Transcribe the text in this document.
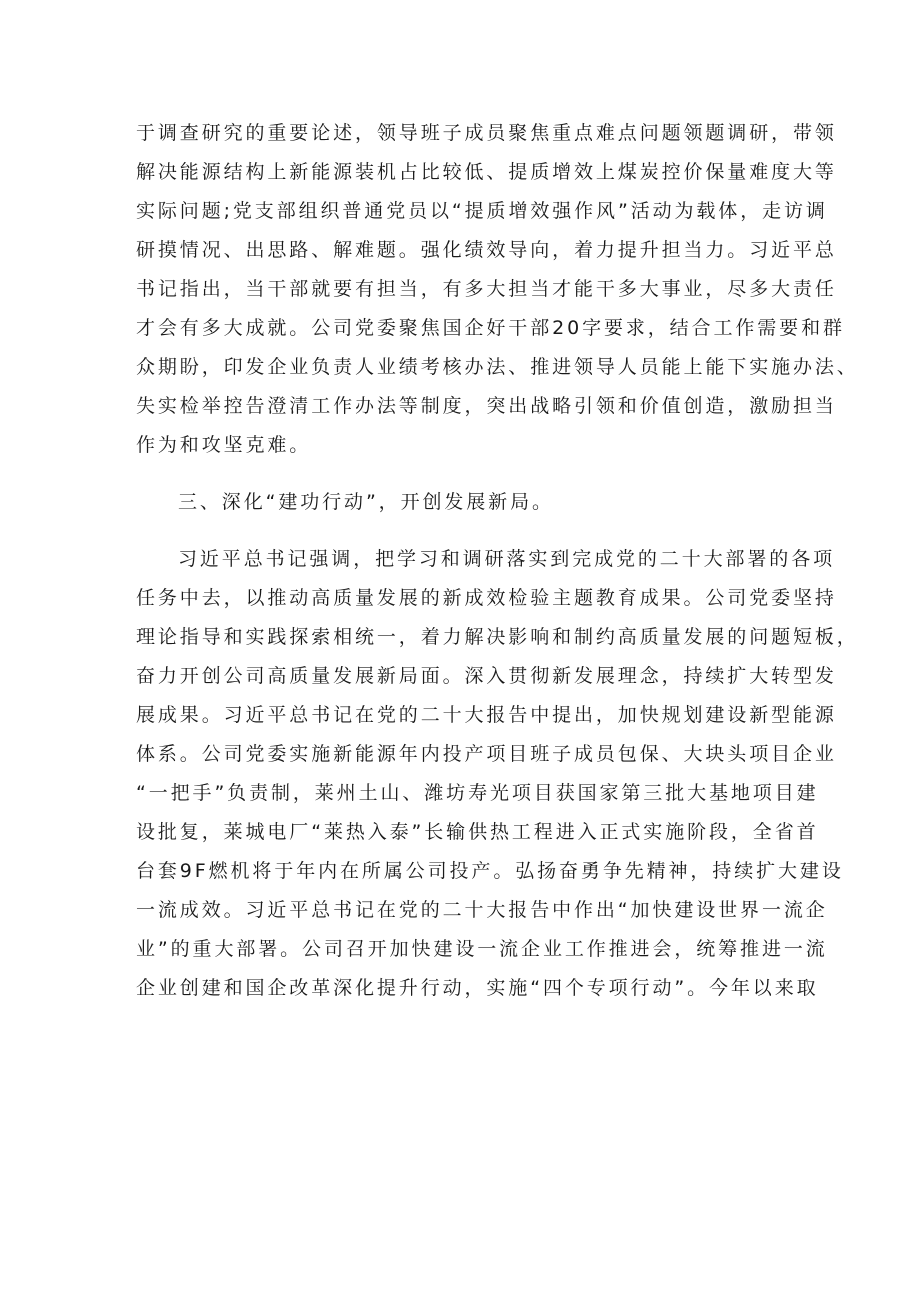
于调查研究的重要论述，领导班子成员聚焦重点难点问题领题调研，带领
解决能源结构上新能源装机占比较低、提质增效上煤炭控价保量难度大等
实际问题;党支部组织普通党员以“提质增效强作风”活动为载体，走访调
研摸情况、出思路、解难题。强化绩效导向，着力提升担当力。习近平总
书记指出，当干部就要有担当，有多大担当才能干多大事业，尽多大责任
才会有多大成就。公司党委聚焦国企好干部20字要求，结合工作需要和群
众期盼，印发企业负责人业绩考核办法、推进领导人员能上能下实施办法、
失实检举控告澄清工作办法等制度，突出战略引领和价值创造，激励担当
作为和攻坚克难。
三、深化“建功行动”，开创发展新局。
习近平总书记强调，把学习和调研落实到完成党的二十大部署的各项
任务中去，以推动高质量发展的新成效检验主题教育成果。公司党委坚持
理论指导和实践探索相统一，着力解决影响和制约高质量发展的问题短板，
奋力开创公司高质量发展新局面。深入贯彻新发展理念，持续扩大转型发
展成果。习近平总书记在党的二十大报告中提出，加快规划建设新型能源
体系。公司党委实施新能源年内投产项目班子成员包保、大块头项目企业
“一把手”负责制，莱州土山、潍坊寿光项目获国家第三批大基地项目建
设批复，莱城电厂“莱热入泰”长输供热工程进入正式实施阶段，全省首
台套9F燃机将于年内在所属公司投产。弘扬奋勇争先精神，持续扩大建设
一流成效。习近平总书记在党的二十大报告中作出“加快建设世界一流企
业”的重大部署。公司召开加快建设一流企业工作推进会，统筹推进一流
企业创建和国企改革深化提升行动，实施“四个专项行动”。今年以来取
